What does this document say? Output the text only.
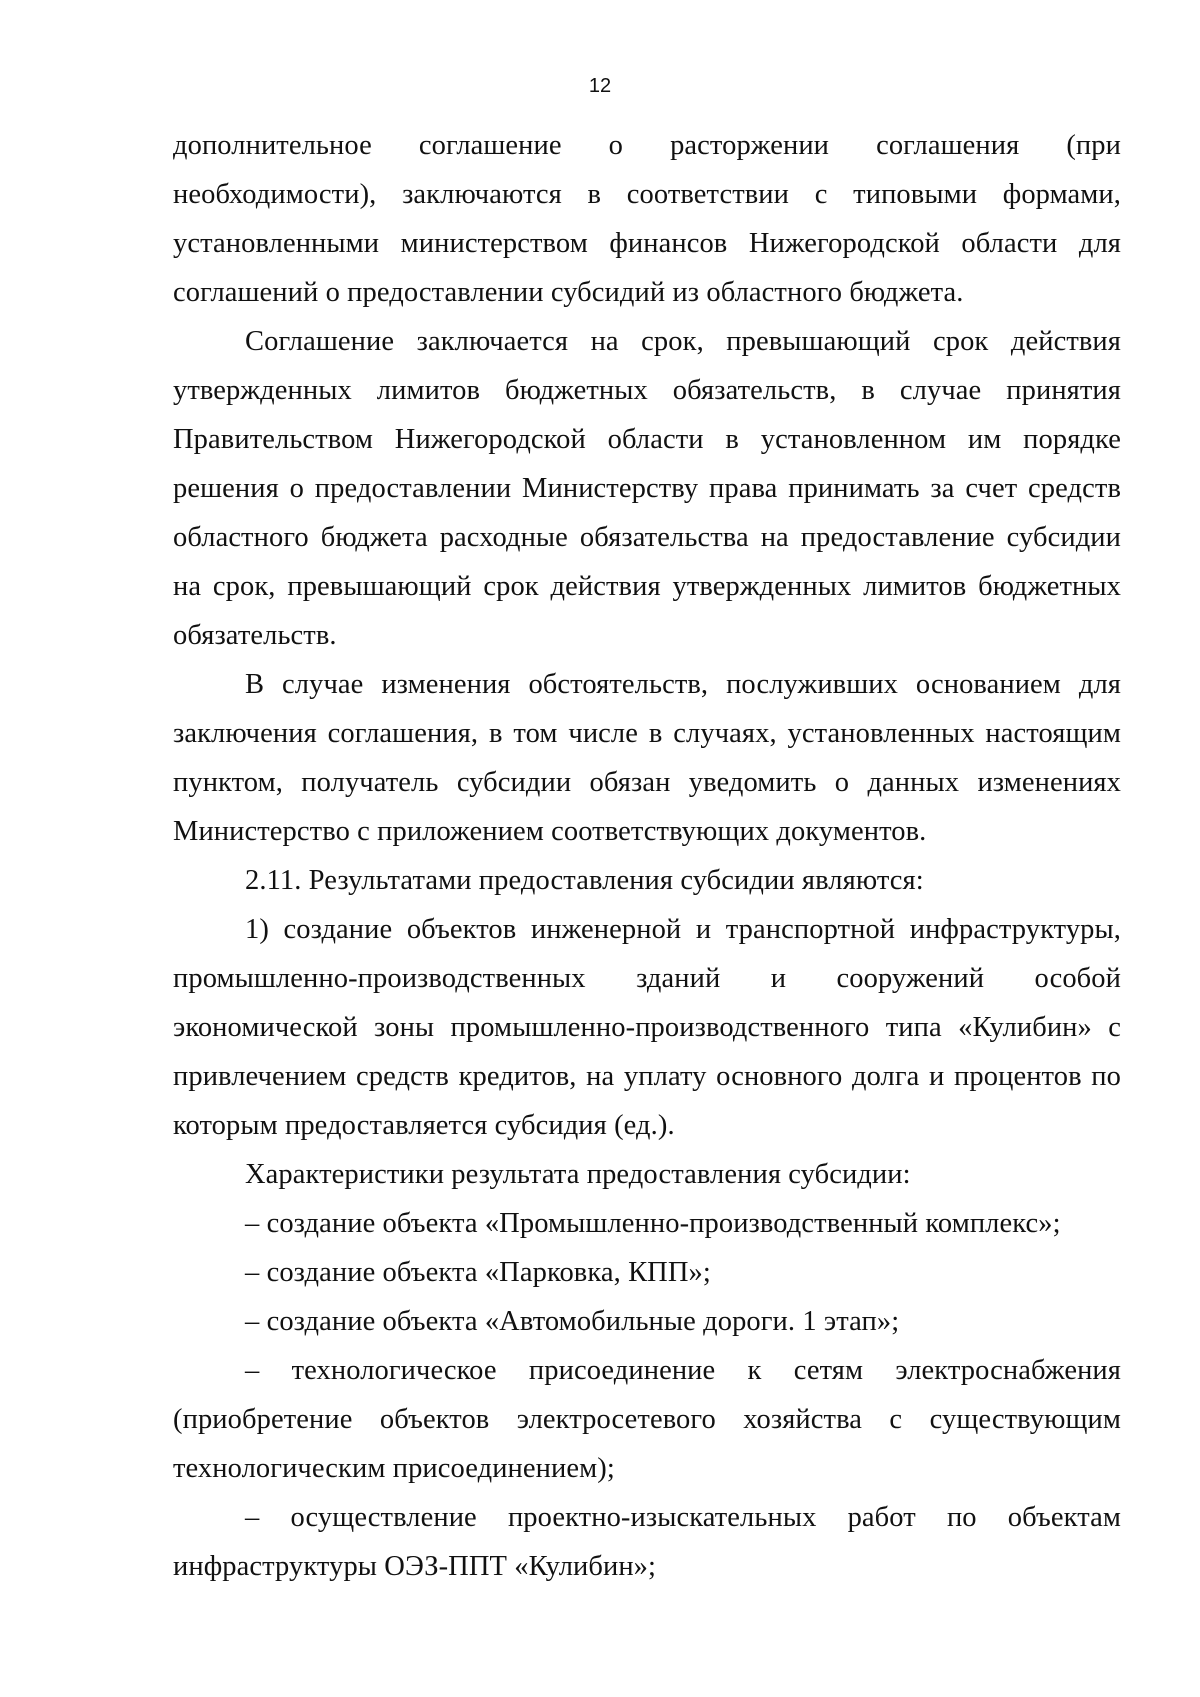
12

дополнительное соглашение о расторжении соглашения (при необходимости), заключаются в соответствии с типовыми формами, установленными министерством финансов Нижегородской области для соглашений о предоставлении субсидий из областного бюджета.

Соглашение заключается на срок, превышающий срок действия утвержденных лимитов бюджетных обязательств, в случае принятия Правительством Нижегородской области в установленном им порядке решения о предоставлении Министерству права принимать за счет средств областного бюджета расходные обязательства на предоставление субсидии на срок, превышающий срок действия утвержденных лимитов бюджетных обязательств.

В случае изменения обстоятельств, послуживших основанием для заключения соглашения, в том числе в случаях, установленных настоящим пунктом, получатель субсидии обязан уведомить о данных изменениях Министерство с приложением соответствующих документов.

2.11. Результатами предоставления субсидии являются:

1) создание объектов инженерной и транспортной инфраструктуры, промышленно-производственных зданий и сооружений особой экономической зоны промышленно-производственного типа «Кулибин» с привлечением средств кредитов, на уплату основного долга и процентов по которым предоставляется субсидия (ед.).

Характеристики результата предоставления субсидии:

– создание объекта «Промышленно-производственный комплекс»;

– создание объекта «Парковка, КПП»;

– создание объекта «Автомобильные дороги. 1 этап»;

– технологическое присоединение к сетям электроснабжения (приобретение объектов электросетевого хозяйства с существующим технологическим присоединением);

– осуществление проектно-изыскательных работ по объектам инфраструктуры ОЭЗ-ППТ «Кулибин»;
